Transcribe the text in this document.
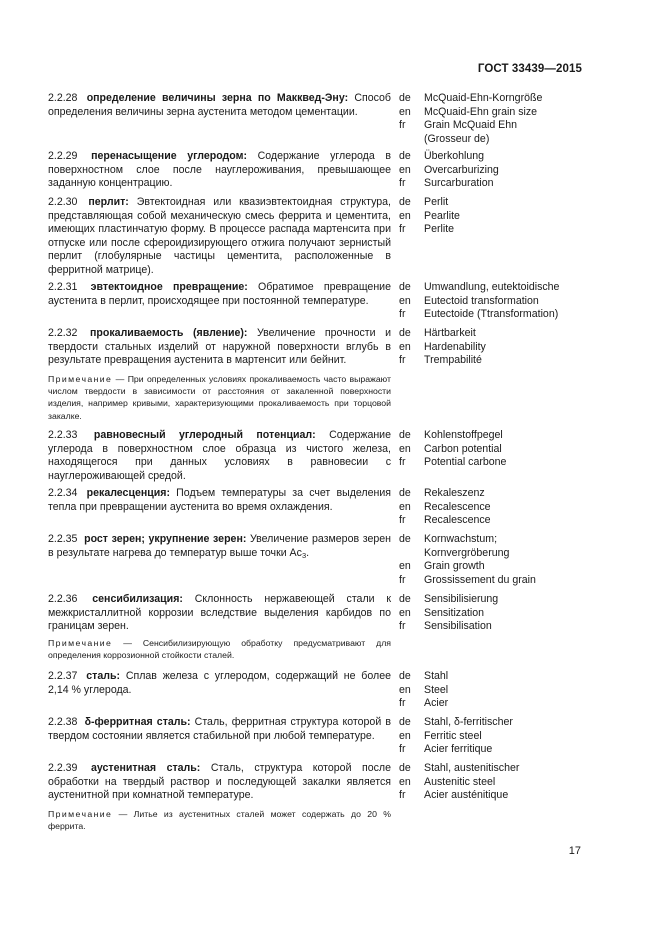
ГОСТ 33439—2015
2.2.28 определение величины зерна по Макквед-Эну: Способ определения величины зерна аустенита методом цементации.
de	McQuaid-Ehn-Korngröße
en	McQuaid-Ehn grain size
fr	Grain McQuaid Ehn
(Grosseur de)
2.2.29 перенасыщение углеродом: Содержание углерода в поверхностном слое после науглероживания, превышающее заданную концентрацию.
de	Überkohlung
en	Overcarburizing
fr	Surcarburation
2.2.30 перлит: Эвтектоидная или квазиэвтектоидная структура, представляющая собой механическую смесь феррита и цементита, имеющих пластинчатую форму. В процессе распада мартенсита при отпуске или после сфероидизирующего отжига получают зернистый перлит (глобулярные частицы цементита, расположенные в ферритной матрице).
de	Perlit
en	Pearlite
fr	Perlite
2.2.31 эвтектоидное превращение: Обратимое превращение аустенита в перлит, происходящее при постоянной температуре.
de	Umwandlung, eutektoidische
en	Eutectoid transformation
fr	Eutectoide (Ttransformation)
2.2.32 прокаливаемость (явление): Увеличение прочности и твердости стальных изделий от наружной поверхности вглубь в результате превращения аустенита в мартенсит или бейнит.
Примечание — При определенных условиях прокаливаемость часто выражают числом твердости в зависимости от расстояния от закаленной поверхности изделия, например кривыми, характеризующими прокаливаемость при торцовой закалке.
de	Härtbarkeit
en	Hardenability
fr	Trempabilité
2.2.33 равновесный углеродный потенциал: Содержание углерода в поверхностном слое образца из чистого железа, находящегося при данных условиях в равновесии с науглероживающей средой.
de	Kohlenstoffpegel
en	Carbon potential
fr	Potential carbone
2.2.34 рекалесценция: Подъем температуры за счет выделения тепла при превращении аустенита во время охлаждения.
de	Rekaleszenz
en	Recalescence
fr	Recalescence
2.2.35 рост зерен; укрупнение зерен: Увеличение размеров зерен в результате нагрева до температур выше точки $Ac_3$.
de	Kornwachstum;
Kornvergröberung
en	Grain growth
fr	Grossissement du grain
2.2.36 сенсибилизация: Склонность нержавеющей стали к межкристаллитной коррозии вследствие выделения карбидов по границам зерен.
Примечание — Сенсибилизирующую обработку предусматривают для определения коррозионной стойкости сталей.
de	Sensibilisierung
en	Sensitization
fr	Sensibilisation
2.2.37 сталь: Сплав железа с углеродом, содержащий не более 2,14 % углерода.
de	Stahl
en	Steel
fr	Acier
2.2.38 δ-ферритная сталь: Сталь, ферритная структура которой в твердом состоянии является стабильной при любой температуре.
de	Stahl, δ-ferritischer
en	Ferritic steel
fr	Acier ferritique
2.2.39 аустенитная сталь: Сталь, структура которой после обработки на твердый раствор и последующей закалки является аустенитной при комнатной температуре.
Примечание — Литье из аустенитных сталей может содержать до 20 % феррита.
de	Stahl, austenitischer
en	Austenitic steel
fr	Acier austénitique
17
